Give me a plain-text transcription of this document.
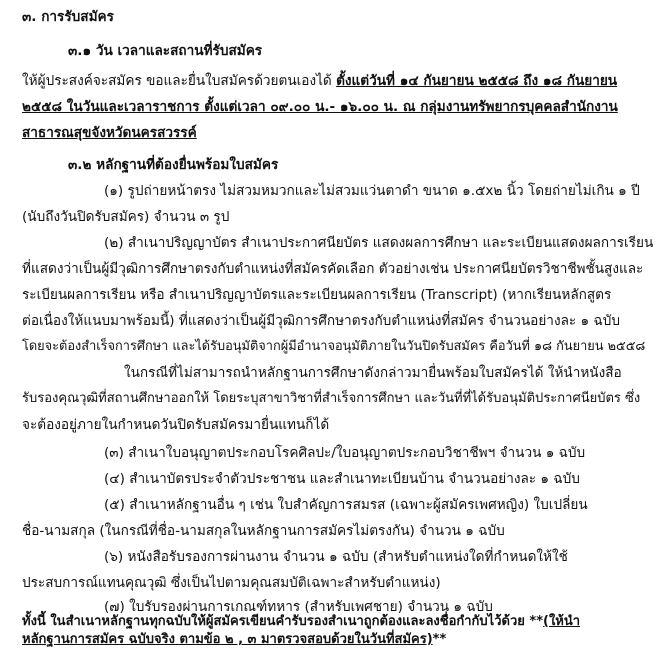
๓. การรับสมัคร
๓.๑ วัน เวลาและสถานที่รับสมัคร
ให้ผู้ประสงค์จะสมัคร ขอและยื่นใบสมัครด้วยตนเองได้ ตั้งแต่วันที่ ๑๔ กันยายน ๒๕๕๘ ถึง ๑๘ กันยายน
๒๕๕๘ ในวันและเวลาราชการ ตั้งแต่เวลา ๐๙.๐๐ น.- ๑๖.๐๐ น. ณ กลุ่มงานทรัพยากรบุคคลสำนักงาน
สาธารณสุขจังหวัดนครสวรรค์
๓.๒ หลักฐานที่ต้องยื่นพร้อมใบสมัคร
(๑) รูปถ่ายหน้าตรง ไม่สวมหมวกและไม่สวมแว่นตาดำ ขนาด ๑.๕x๒ นิ้ว โดยถ่ายไม่เกิน ๑ ปี
(นับถึงวันปิดรับสมัคร) จำนวน ๓ รูป
(๒) สำเนาปริญญาบัตร สำเนาประกาศนียบัตร แสดงผลการศึกษา และระเบียนแสดงผลการเรียน
ที่แสดงว่าเป็นผู้มีวุฒิการศึกษาตรงกับตำแหน่งที่สมัครคัดเลือก ตัวอย่างเช่น ประกาศนียบัตรวิชาชีพชั้นสูงและ
ระเบียนผลการเรียน หรือ สำเนาปริญญาบัตรและระเบียนผลการเรียน (Transcript) (หากเรียนหลักสูตร
ต่อเนื่องให้แนบมาพร้อมนี้) ที่แสดงว่าเป็นผู้มีวุฒิการศึกษาตรงกับตำแหน่งที่สมัคร จำนวนอย่างละ ๑ ฉบับ
โดยจะต้องสำเร็จการศึกษา และได้รับอนุมัติจากผู้มีอำนาจอนุมัติภายในวันปิดรับสมัคร คือวันที่ ๑๘ กันยายน ๒๕๕๘
ในกรณีที่ไม่สามารถนำหลักฐานการศึกษาดังกล่าวมายื่นพร้อมใบสมัครได้ ให้นำหนังสือ
รับรองคุณวุฒิที่สถานศึกษาออกให้ โดยระบุสาขาวิชาที่สำเร็จการศึกษา และวันที่ที่ได้รับอนุมัติประกาศนียบัตร ซึ่ง
จะต้องอยู่ภายในกำหนดวันปิดรับสมัครมายื่นแทนก็ได้
(๓) สำเนาใบอนุญาตประกอบโรคศิลปะ/ใบอนุญาตประกอบวิชาชีพฯ จำนวน ๑ ฉบับ
(๔) สำเนาบัตรประจำตัวประชาชน และสำเนาทะเบียนบ้าน จำนวนอย่างละ ๑ ฉบับ
(๕) สำเนาหลักฐานอื่น ๆ เช่น ใบสำคัญการสมรส (เฉพาะผู้สมัครเพศหญิง) ใบเปลี่ยน
ชื่อ-นามสกุล (ในกรณีที่ชื่อ-นามสกุลในหลักฐานการสมัครไม่ตรงกัน) จำนวน ๑ ฉบับ
(๖) หนังสือรับรองการผ่านงาน จำนวน ๑ ฉบับ (สำหรับตำแหน่งใดที่กำหนดให้ใช้
ประสบการณ์แทนคุณวุฒิ ซึ่งเป็นไปตามคุณสมบัติเฉพาะสำหรับตำแหน่ง)
(๗) ใบรับรองผ่านการเกณฑ์ทหาร (สำหรับเพศชาย) จำนวน ๑ ฉบับ
ทั้งนี้ ในสำเนาหลักฐานทุกฉบับให้ผู้สมัครเขียนคำรับรองสำเนาถูกต้องและลงชื่อกำกับไว้ด้วย **(ให้นำ
หลักฐานการสมัคร ฉบับจริง ตามข้อ ๒ , ๓ มาตรวจสอบด้วยในวันที่สมัคร)**
